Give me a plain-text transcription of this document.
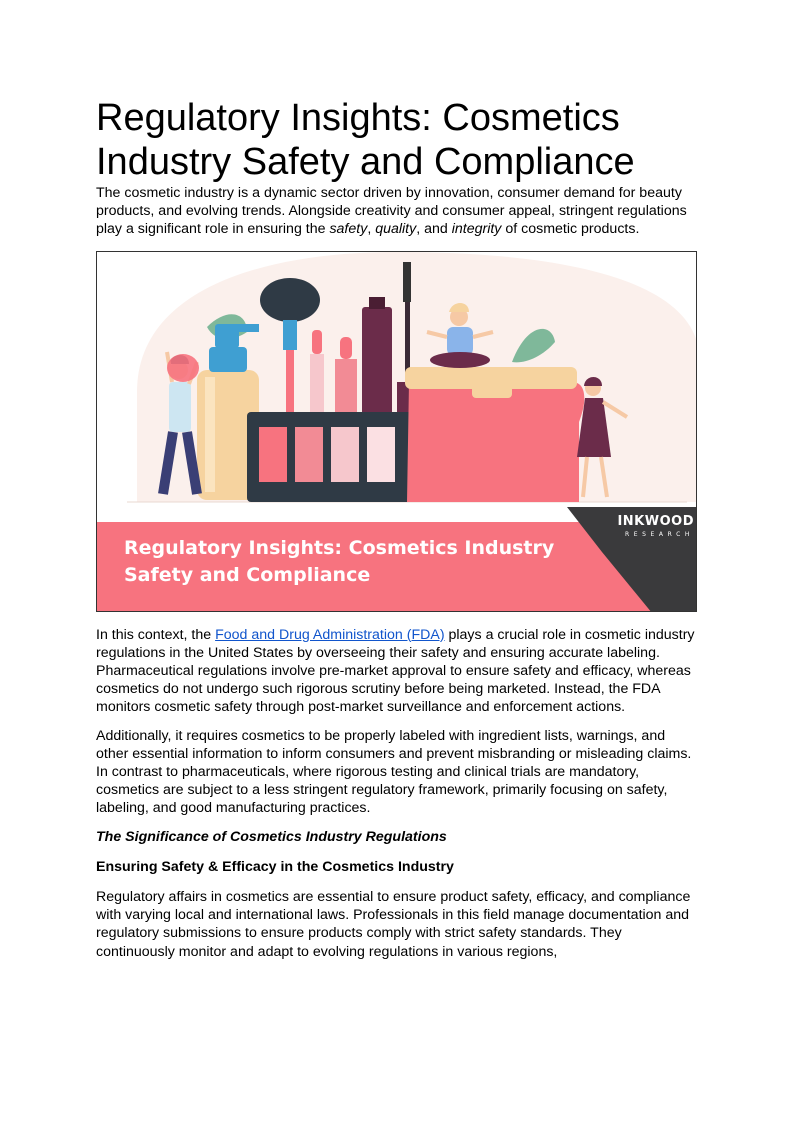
Regulatory Insights: Cosmetics Industry Safety and Compliance

The cosmetic industry is a dynamic sector driven by innovation, consumer demand for beauty products, and evolving trends. Alongside creativity and consumer appeal, stringent regulations play a significant role in ensuring the safety, quality, and integrity of cosmetic products.

Regulatory Insights: Cosmetics Industry Safety and Compliance
INKWOOD
RESEARCH

In this context, the Food and Drug Administration (FDA) plays a crucial role in cosmetic industry regulations in the United States by overseeing their safety and ensuring accurate labeling. Pharmaceutical regulations involve pre-market approval to ensure safety and efficacy, whereas cosmetics do not undergo such rigorous scrutiny before being marketed. Instead, the FDA monitors cosmetic safety through post-market surveillance and enforcement actions.

Additionally, it requires cosmetics to be properly labeled with ingredient lists, warnings, and other essential information to inform consumers and prevent misbranding or misleading claims. In contrast to pharmaceuticals, where rigorous testing and clinical trials are mandatory, cosmetics are subject to a less stringent regulatory framework, primarily focusing on safety, labeling, and good manufacturing practices.

The Significance of Cosmetics Industry Regulations

Ensuring Safety & Efficacy in the Cosmetics Industry

Regulatory affairs in cosmetics are essential to ensure product safety, efficacy, and compliance with varying local and international laws. Professionals in this field manage documentation and regulatory submissions to ensure products comply with strict safety standards. They continuously monitor and adapt to evolving regulations in various regions,
